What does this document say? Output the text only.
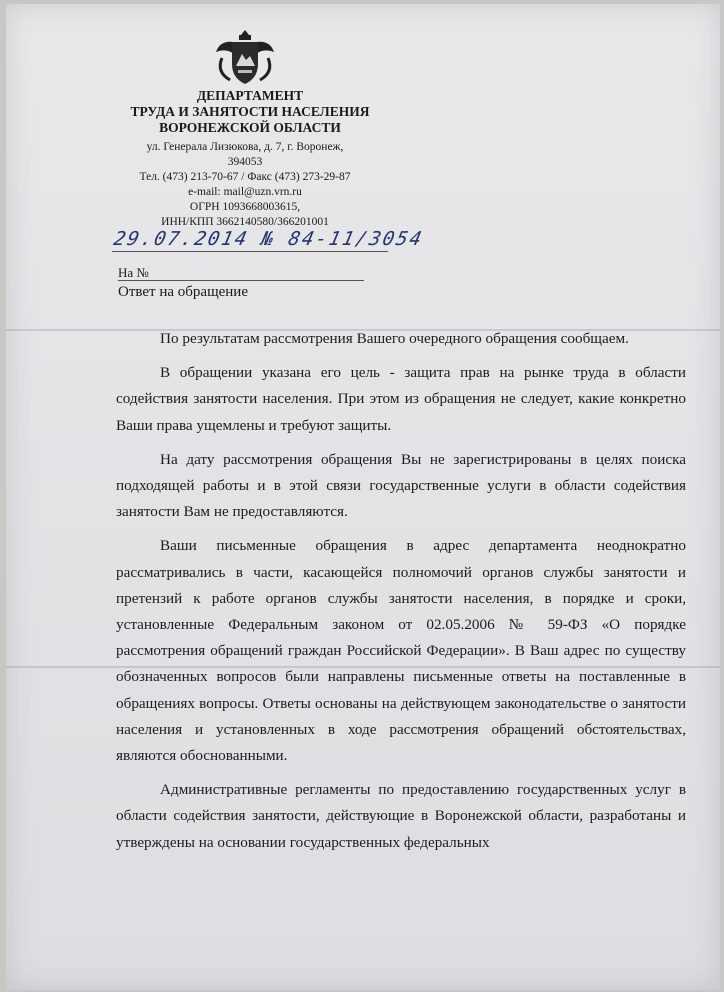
ДЕПАРТАМЕНТ
ТРУДА И ЗАНЯТОСТИ НАСЕЛЕНИЯ
ВОРОНЕЖСКОЙ ОБЛАСТИ
ул. Генерала Лизюкова, д. 7, г. Воронеж,
394053
Тел. (473) 213-70-67 / Факс (473) 273-29-87
e-mail: mail@uzn.vrn.ru
ОГРН 1093668003615,
ИНН/КПП 3662140580/366201001
29.07.2014 № 84-11/3054
На №
Ответ на обращение

По результатам рассмотрения Вашего очередного обращения сообщаем.

В обращении указана его цель - защита прав на рынке труда в области содействия занятости населения. При этом из обращения не следует, какие конкретно Ваши права ущемлены и требуют защиты.

На дату рассмотрения обращения Вы не зарегистрированы в целях поиска подходящей работы и в этой связи государственные услуги в области содействия занятости Вам не предоставляются.

Ваши письменные обращения в адрес департамента неоднократно рассматривались в части, касающейся полномочий органов службы занятости и претензий к работе органов службы занятости населения, в порядке и сроки, установленные Федеральным законом от 02.05.2006 № 59-ФЗ «О порядке рассмотрения обращений граждан Российской Федерации». В Ваш адрес по существу обозначенных вопросов были направлены письменные ответы на поставленные в обращениях вопросы. Ответы основаны на действующем законодательстве о занятости населения и установленных в ходе рассмотрения обращений обстоятельствах, являются обоснованными.

Административные регламенты по предоставлению государственных услуг в области содействия занятости, действующие в Воронежской области, разработаны и утверждены на основании государственных федеральных
